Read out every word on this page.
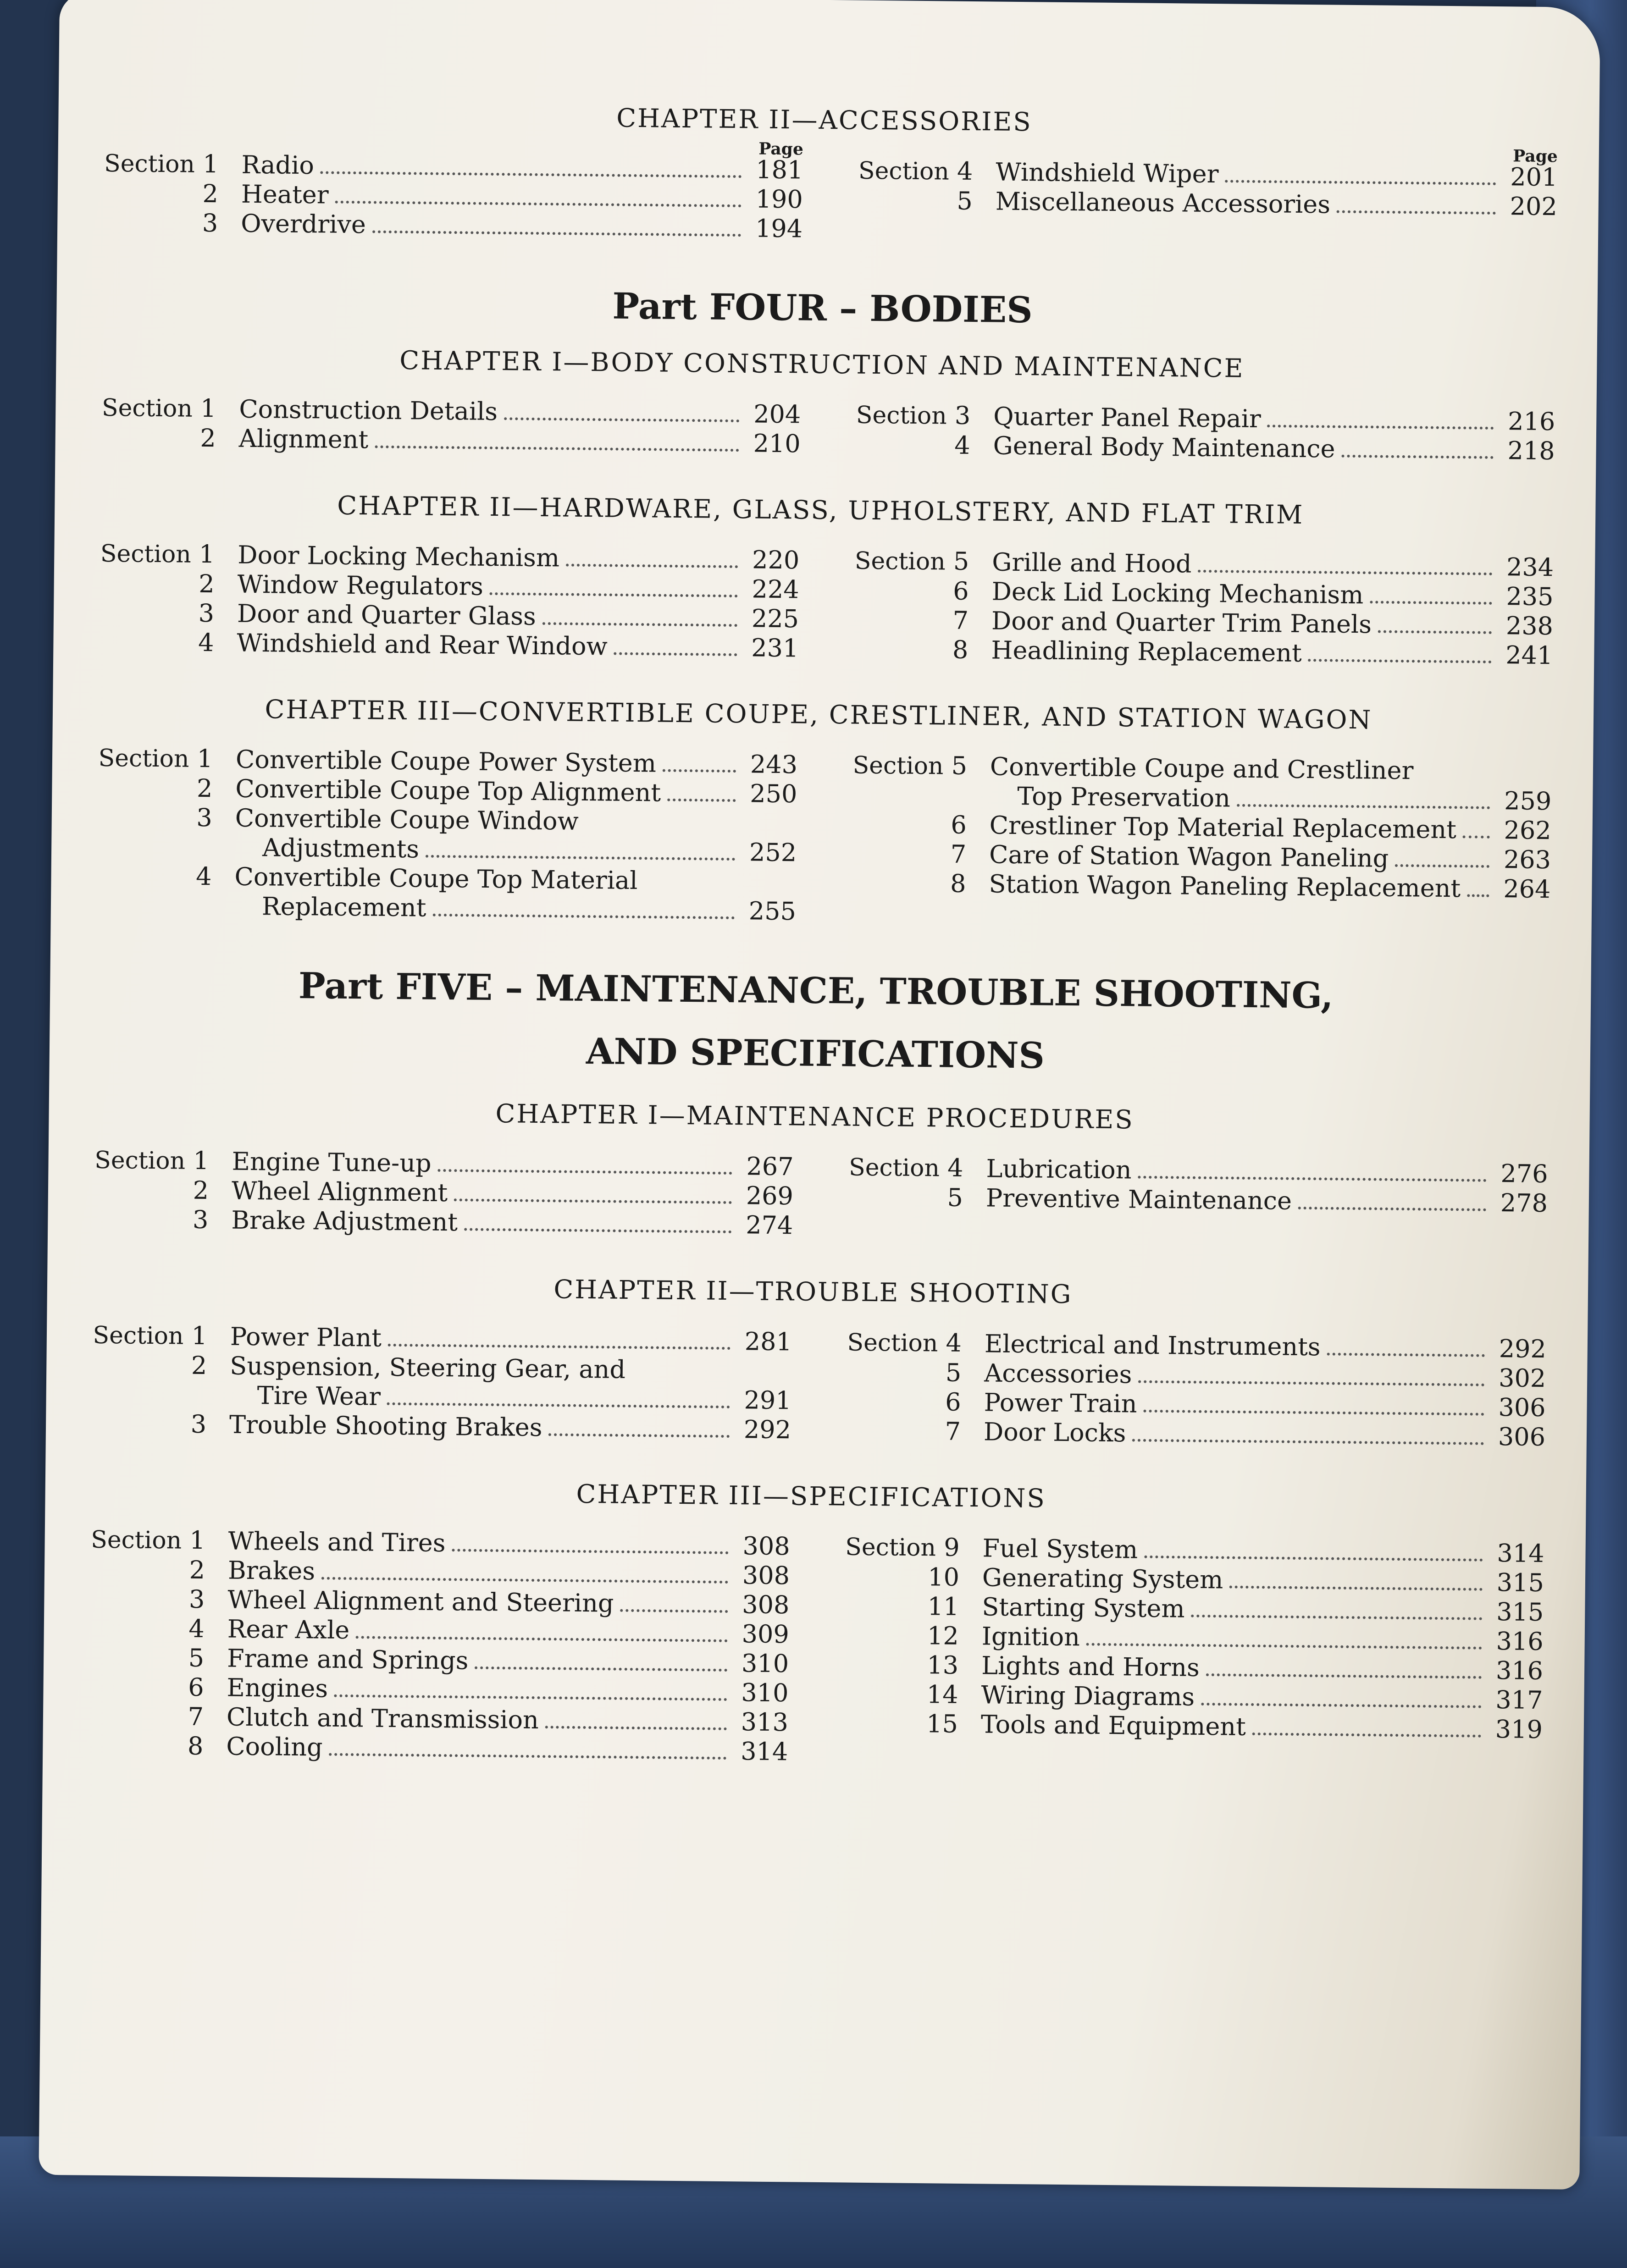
CHAPTER II—ACCESSORIES
Page
Section 1 Radio	181
2 Heater	190
3 Overdrive	194
Page
Section 4 Windshield Wiper	201
5 Miscellaneous Accessories	202
Part FOUR – BODIES
CHAPTER I—BODY CONSTRUCTION AND MAINTENANCE
Section 1 Construction Details	204
2 Alignment	210
Section 3 Quarter Panel Repair	216
4 General Body Maintenance	218
CHAPTER II—HARDWARE, GLASS, UPHOLSTERY, AND FLAT TRIM
Section 1 Door Locking Mechanism	220
2 Window Regulators	224
3 Door and Quarter Glass	225
4 Windshield and Rear Window	231
Section 5 Grille and Hood	234
6 Deck Lid Locking Mechanism	235
7 Door and Quarter Trim Panels	238
8 Headlining Replacement	241
CHAPTER III—CONVERTIBLE COUPE, CRESTLINER, AND STATION WAGON
Section 1 Convertible Coupe Power System	243
2 Convertible Coupe Top Alignment	250
3 Convertible Coupe Window
Adjustments	252
4 Convertible Coupe Top Material
Replacement	255
Section 5 Convertible Coupe and Crestliner
Top Preservation	259
6 Crestliner Top Material Replacement	262
7 Care of Station Wagon Paneling	263
8 Station Wagon Paneling Replacement	264
Part FIVE – MAINTENANCE, TROUBLE SHOOTING,
AND SPECIFICATIONS
CHAPTER I—MAINTENANCE PROCEDURES
Section 1 Engine Tune-up	267
2 Wheel Alignment	269
3 Brake Adjustment	274
Section 4 Lubrication	276
5 Preventive Maintenance	278
CHAPTER II—TROUBLE SHOOTING
Section 1 Power Plant	281
2 Suspension, Steering Gear, and
Tire Wear	291
3 Trouble Shooting Brakes	292
Section 4 Electrical and Instruments	292
5 Accessories	302
6 Power Train	306
7 Door Locks	306
CHAPTER III—SPECIFICATIONS
Section 1 Wheels and Tires	308
2 Brakes	308
3 Wheel Alignment and Steering	308
4 Rear Axle	309
5 Frame and Springs	310
6 Engines	310
7 Clutch and Transmission	313
8 Cooling	314
Section 9 Fuel System	314
10 Generating System	315
11 Starting System	315
12 Ignition	316
13 Lights and Horns	316
14 Wiring Diagrams	317
15 Tools and Equipment	319
